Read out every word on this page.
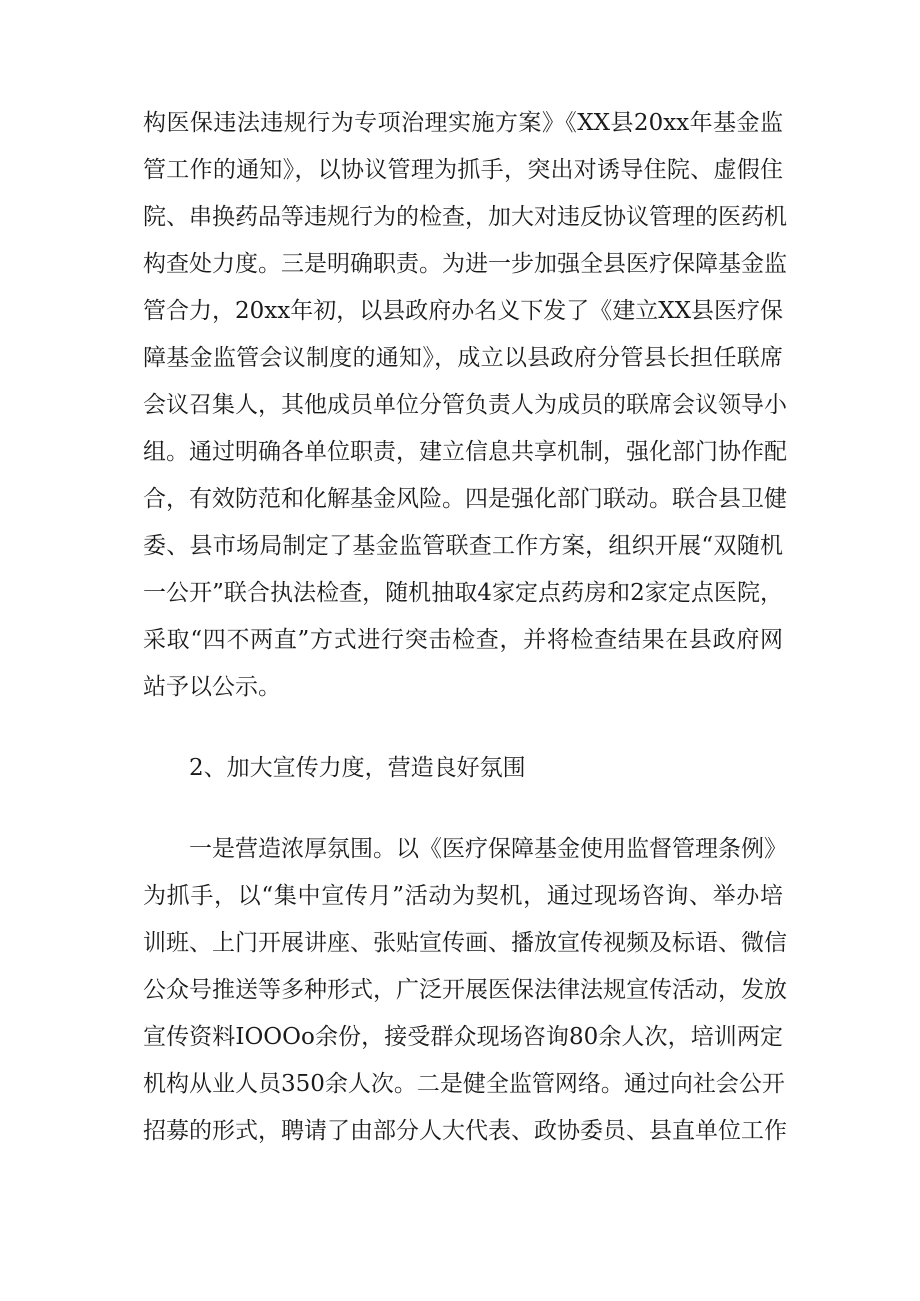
构医保违法违规行为专项治理实施方案》《XX县20xx年基金监
管工作的通知》，以协议管理为抓手，突出对诱导住院、虚假住
院、串换药品等违规行为的检查，加大对违反协议管理的医药机
构查处力度。三是明确职责。为进一步加强全县医疗保障基金监
管合力，20xx年初，以县政府办名义下发了《建立XX县医疗保
障基金监管会议制度的通知》，成立以县政府分管县长担任联席
会议召集人，其他成员单位分管负责人为成员的联席会议领导小
组。通过明确各单位职责，建立信息共享机制，强化部门协作配
合，有效防范和化解基金风险。四是强化部门联动。联合县卫健
委、县市场局制定了基金监管联查工作方案，组织开展“双随机
一公开”联合执法检查，随机抽取4家定点药房和2家定点医院，
采取“四不两直”方式进行突击检查，并将检查结果在县政府网
站予以公示。
2、加大宣传力度，营造良好氛围
一是营造浓厚氛围。以《医疗保障基金使用监督管理条例》
为抓手，以“集中宣传月”活动为契机，通过现场咨询、举办培
训班、上门开展讲座、张贴宣传画、播放宣传视频及标语、微信
公众号推送等多种形式，广泛开展医保法律法规宣传活动，发放
宣传资料IOOOo余份，接受群众现场咨询80余人次，培训两定
机构从业人员350余人次。二是健全监管网络。通过向社会公开
招募的形式，聘请了由部分人大代表、政协委员、县直单位工作
